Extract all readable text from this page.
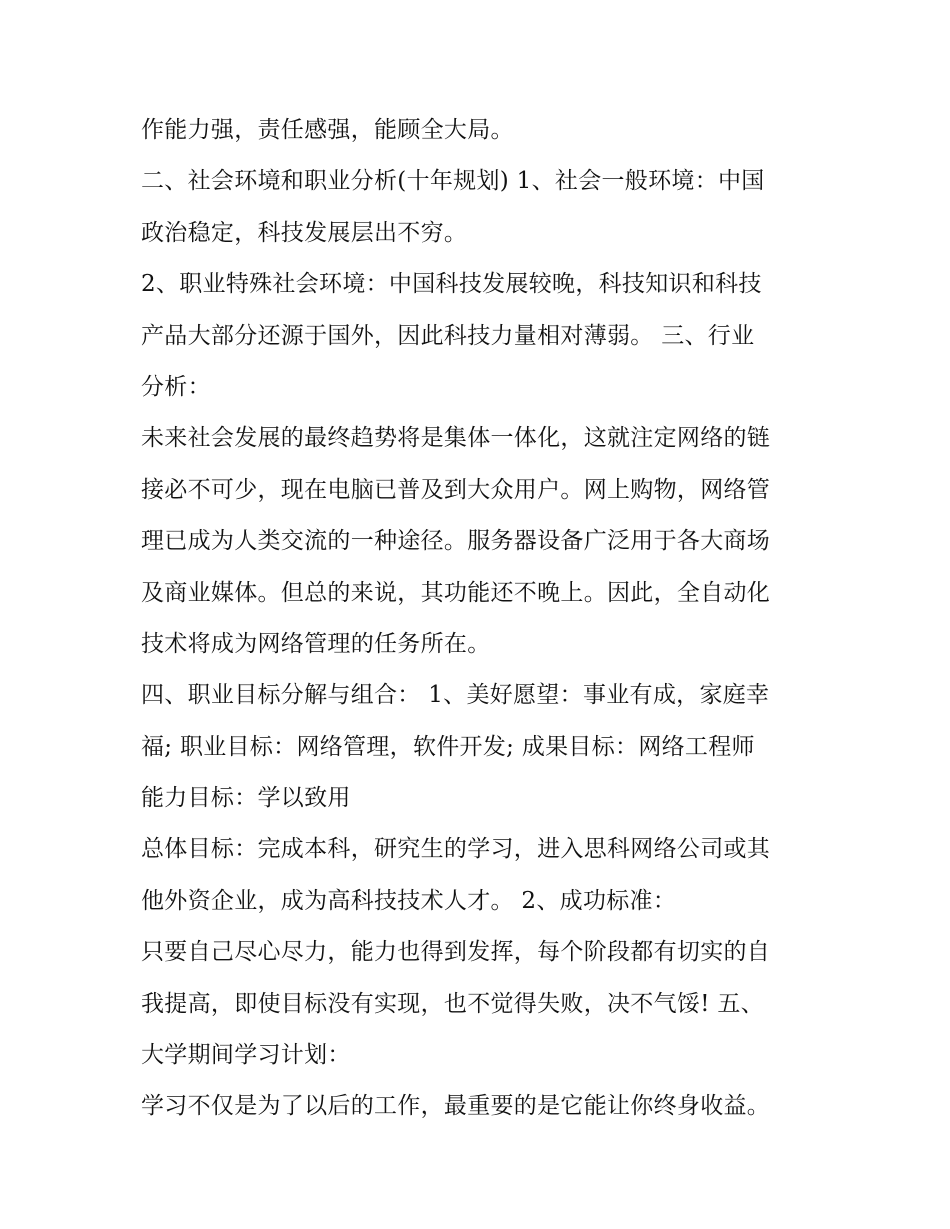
作能力强，责任感强，能顾全大局。
二、社会环境和职业分析(十年规划) 1、社会一般环境：中国
政治稳定，科技发展层出不穷。
2、职业特殊社会环境：中国科技发展较晚，科技知识和科技
产品大部分还源于国外，因此科技力量相对薄弱。 三、行业
分析：
未来社会发展的最终趋势将是集体一体化，这就注定网络的链
接必不可少，现在电脑已普及到大众用户。网上购物，网络管
理已成为人类交流的一种途径。服务器设备广泛用于各大商场
及商业媒体。但总的来说，其功能还不晚上。因此，全自动化
技术将成为网络管理的任务所在。
四、职业目标分解与组合： 1、美好愿望：事业有成，家庭幸
福; 职业目标：网络管理，软件开发; 成果目标：网络工程师
能力目标：学以致用
总体目标：完成本科，研究生的学习，进入思科网络公司或其
他外资企业，成为高科技技术人才。 2、成功标准：
只要自己尽心尽力，能力也得到发挥，每个阶段都有切实的自
我提高，即使目标没有实现，也不觉得失败，决不气馁! 五、
大学期间学习计划：
学习不仅是为了以后的工作，最重要的是它能让你终身收益。
